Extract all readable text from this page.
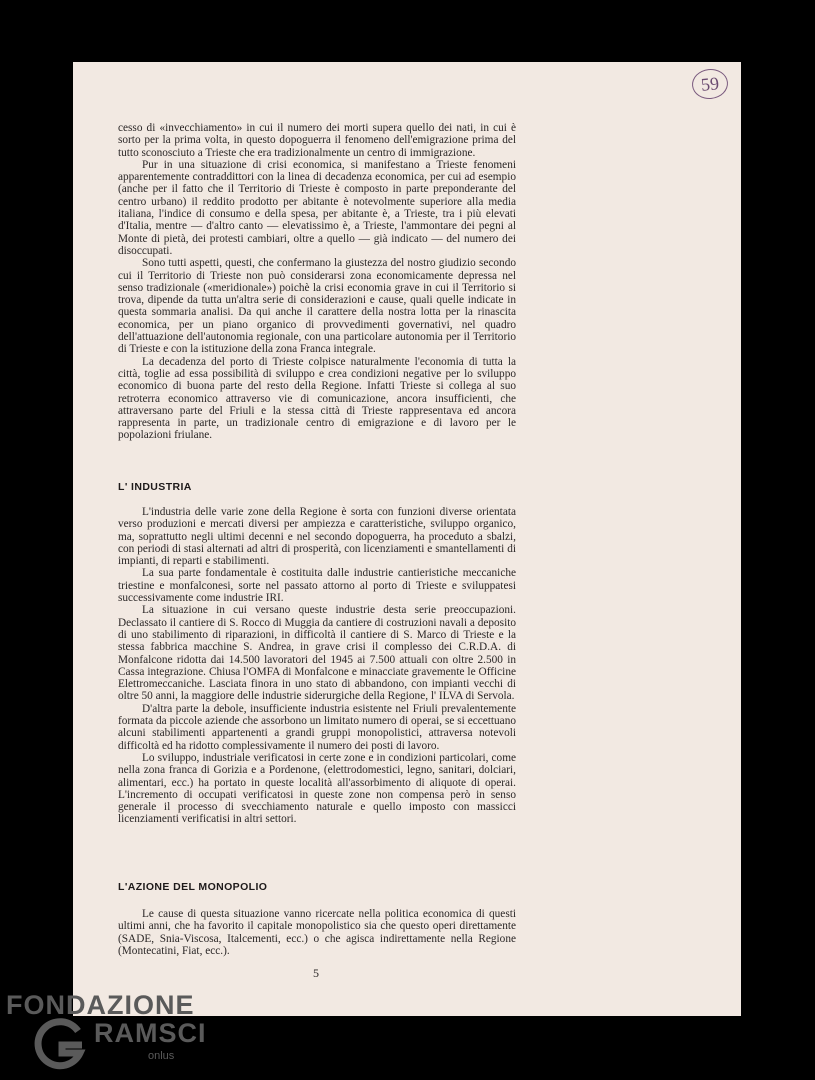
59

cesso di «invecchiamento» in cui il numero dei morti supera quello dei nati, in cui è sorto per la prima volta, in questo dopoguerra il fenomeno dell'emigrazione prima del tutto sconosciuto a Trieste che era tradizionalmente un centro di immigrazione.

Pur in una situazione di crisi economica, si manifestano a Trieste fenomeni apparentemente contraddittori con la linea di decadenza economica, per cui ad esempio (anche per il fatto che il Territorio di Trieste è composto in parte preponderante del centro urbano) il reddito prodotto per abitante è notevolmente superiore alla media italiana, l'indice di consumo e della spesa, per abitante è, a Trieste, tra i più elevati d'Italia, mentre — d'altro canto — elevatissimo è, a Trieste, l'ammontare dei pegni al Monte di pietà, dei protesti cambiari, oltre a quello — già indicato — del numero dei disoccupati.

Sono tutti aspetti, questi, che confermano la giustezza del nostro giudizio secondo cui il Territorio di Trieste non può considerarsi zona economicamente depressa nel senso tradizionale («meridionale») poichè la crisi economia grave in cui il Territorio si trova, dipende da tutta un'altra serie di considerazioni e cause, quali quelle indicate in questa sommaria analisi. Da qui anche il carattere della nostra lotta per la rinascita economica, per un piano organico di provvedimenti governativi, nel quadro dell'attuazione dell'autonomia regionale, con una particolare autonomia per il Territorio di Trieste e con la istituzione della zona Franca integrale.

La decadenza del porto di Trieste colpisce naturalmente l'economia di tutta la città, toglie ad essa possibilità di sviluppo e crea condizioni negative per lo sviluppo economico di buona parte del resto della Regione. Infatti Trieste si collega al suo retroterra economico attraverso vie di comunicazione, ancora insufficienti, che attraversano parte del Friuli e la stessa città di Trieste rappresentava ed ancora rappresenta in parte, un tradizionale centro di emigrazione e di lavoro per le popolazioni friulane.

L' INDUSTRIA

L'industria delle varie zone della Regione è sorta con funzioni diverse orientata verso produzioni e mercati diversi per ampiezza e caratteristiche, sviluppo organico, ma, soprattutto negli ultimi decenni e nel secondo dopoguerra, ha proceduto a sbalzi, con periodi di stasi alternati ad altri di prosperità, con licenziamenti e smantellamenti di impianti, di reparti e stabilimenti.

La sua parte fondamentale è costituita dalle industrie cantieristiche meccaniche triestine e monfalconesi, sorte nel passato attorno al porto di Trieste e sviluppatesi successivamente come industrie IRI.

La situazione in cui versano queste industrie desta serie preoccupazioni. Declassato il cantiere di S. Rocco di Muggia da cantiere di costruzioni navali a deposito di uno stabilimento di riparazioni, in difficoltà il cantiere di S. Marco di Trieste e la stessa fabbrica macchine S. Andrea, in grave crisi il complesso dei C.R.D.A. di Monfalcone ridotta dai 14.500 lavoratori del 1945 ai 7.500 attuali con oltre 2.500 in Cassa integrazione. Chiusa l'OMFA di Monfalcone e minacciate gravemente le Officine Elettromeccaniche. Lasciata finora in uno stato di abbandono, con impianti vecchi di oltre 50 anni, la maggiore delle industrie siderurgiche della Regione, l' ILVA di Servola.

D'altra parte la debole, insufficiente industria esistente nel Friuli prevalentemente formata da piccole aziende che assorbono un limitato numero di operai, se si eccettuano alcuni stabilimenti appartenenti a grandi gruppi monopolistici, attraversa notevoli difficoltà ed ha ridotto complessivamente il numero dei posti di lavoro.

Lo sviluppo, industriale verificatosi in certe zone e in condizioni particolari, come nella zona franca di Gorizia e a Pordenone, (elettrodomestici, legno, sanitari, dolciari, alimentari, ecc.) ha portato in queste località all'assorbimento di aliquote di operai. L'incremento di occupati verificatosi in queste zone non compensa però in senso generale il processo di svecchiamento naturale e quello imposto con massicci licenziamenti verificatisi in altri settori.

L'AZIONE DEL MONOPOLIO

Le cause di questa situazione vanno ricercate nella politica economica di questi ultimi anni, che ha favorito il capitale monopolistico sia che questo operi direttamente (SADE, Snia-Viscosa, Italcementi, ecc.) o che agisca indirettamente nella Regione (Montecatini, Fiat, ecc.).

5
FONDAZIONE
RAMSCI
onlus
